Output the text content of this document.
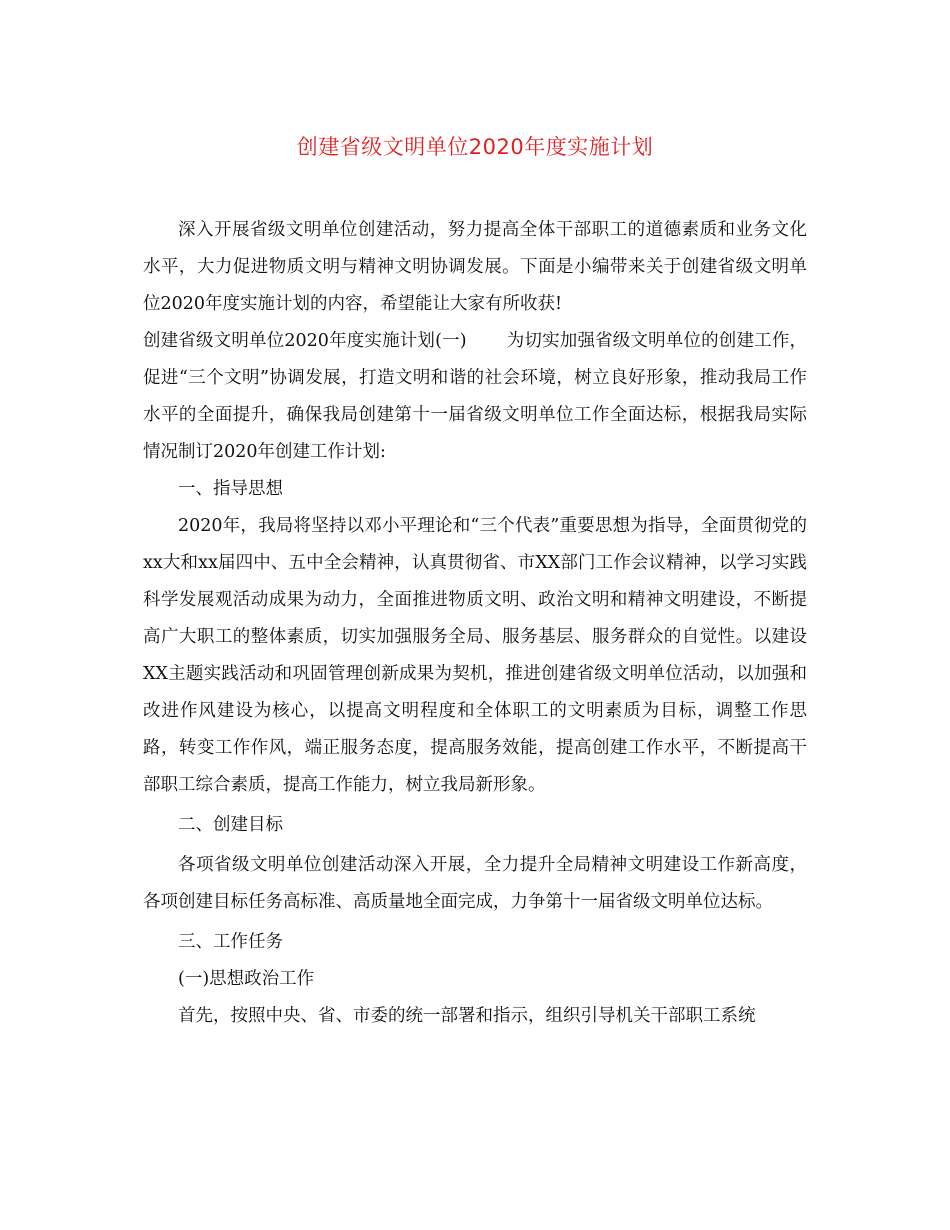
创建省级文明单位2020年度实施计划

深入开展省级文明单位创建活动，努力提高全体干部职工的道德素质和业务文化水平，大力促进物质文明与精神文明协调发展。下面是小编带来关于创建省级文明单位2020年度实施计划的内容，希望能让大家有所收获!

创建省级文明单位2020年度实施计划(一) 为切实加强省级文明单位的创建工作，促进“三个文明”协调发展，打造文明和谐的社会环境，树立良好形象，推动我局工作水平的全面提升，确保我局创建第十一届省级文明单位工作全面达标，根据我局实际情况制订2020年创建工作计划:

一、指导思想

2020年，我局将坚持以邓小平理论和“三个代表”重要思想为指导，全面贯彻党的xx大和xx届四中、五中全会精神，认真贯彻省、市XX部门工作会议精神，以学习实践科学发展观活动成果为动力，全面推进物质文明、政治文明和精神文明建设，不断提高广大职工的整体素质，切实加强服务全局、服务基层、服务群众的自觉性。以建设XX主题实践活动和巩固管理创新成果为契机，推进创建省级文明单位活动，以加强和改进作风建设为核心，以提高文明程度和全体职工的文明素质为目标，调整工作思路，转变工作作风，端正服务态度，提高服务效能，提高创建工作水平，不断提高干部职工综合素质，提高工作能力，树立我局新形象。

二、创建目标

各项省级文明单位创建活动深入开展，全力提升全局精神文明建设工作新高度，各项创建目标任务高标准、高质量地全面完成，力争第十一届省级文明单位达标。

三、工作任务

(一)思想政治工作

首先，按照中央、省、市委的统一部署和指示，组织引导机关干部职工系统
